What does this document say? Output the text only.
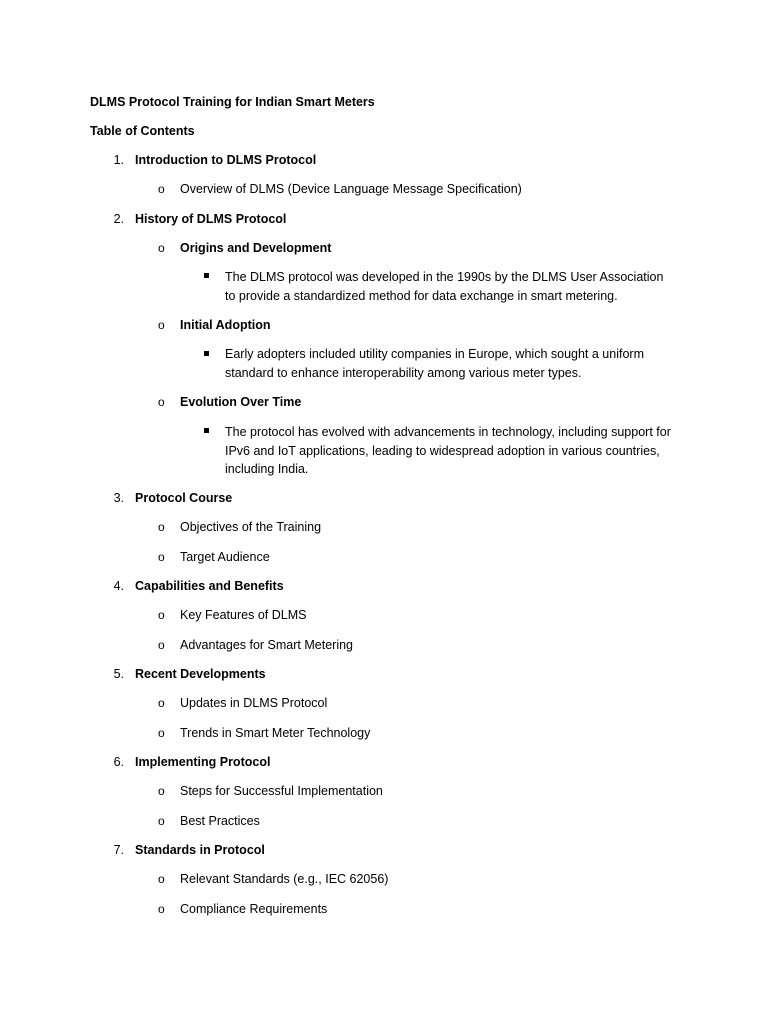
DLMS Protocol Training for Indian Smart Meters
Table of Contents
1. Introduction to DLMS Protocol
o Overview of DLMS (Device Language Message Specification)
2. History of DLMS Protocol
o Origins and Development
The DLMS protocol was developed in the 1990s by the DLMS User Association to provide a standardized method for data exchange in smart metering.
o Initial Adoption
Early adopters included utility companies in Europe, which sought a uniform standard to enhance interoperability among various meter types.
o Evolution Over Time
The protocol has evolved with advancements in technology, including support for IPv6 and IoT applications, leading to widespread adoption in various countries, including India.
3. Protocol Course
o Objectives of the Training
o Target Audience
4. Capabilities and Benefits
o Key Features of DLMS
o Advantages for Smart Metering
5. Recent Developments
o Updates in DLMS Protocol
o Trends in Smart Meter Technology
6. Implementing Protocol
o Steps for Successful Implementation
o Best Practices
7. Standards in Protocol
o Relevant Standards (e.g., IEC 62056)
o Compliance Requirements
